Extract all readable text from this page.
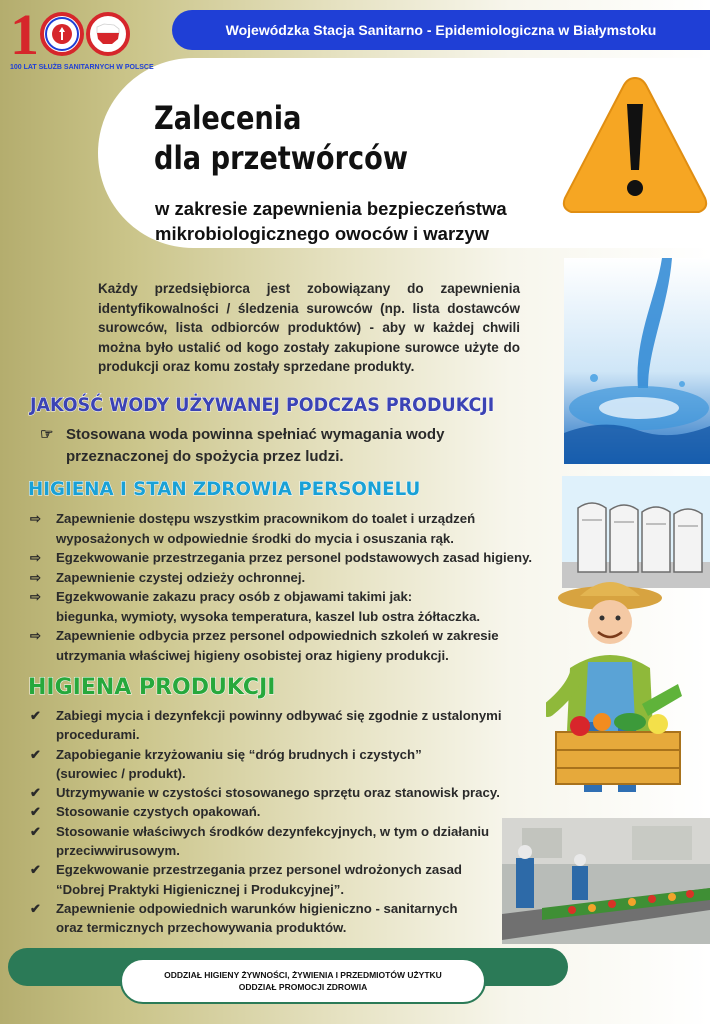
Wojewódzka Stacja Sanitarno - Epidemiologiczna w Białymstoku
1
100 LAT SŁUŻB SANITARNYCH W POLSCE
Zalecenia
dla przetwórców

w zakresie zapewnienia bezpieczeństwa
mikrobiologicznego owoców i warzyw

Każdy przedsiębiorca jest zobowiązany do zapewnienia identyfikowalności / śledzenia surowców (np. lista dostawców surowców, lista odbiorców produktów) - aby w każdej chwili można było ustalić od kogo zostały zakupione surowce użyte do produkcji oraz komu zostały sprzedane produkty.

JAKOŚĆ WODY UŻYWANEJ PODCZAS PRODUKCJI
☞ Stosowana woda powinna spełniać wymagania wody
przeznaczonej do spożycia przez ludzi.
HIGIENA I STAN ZDROWIA PERSONELU
⇨	Zapewnienie dostępu wszystkim pracownikom do toalet i urządzeń
wyposażonych w odpowiednie środki do mycia i osuszania rąk.
⇨	Egzekwowanie przestrzegania przez personel podstawowych zasad higieny.
⇨	Zapewnienie czystej odzieży ochronnej.
⇨	Egzekwowanie zakazu pracy osób z objawami takimi jak:
biegunka, wymioty, wysoka temperatura, kaszel lub ostra żółtaczka.
⇨	Zapewnienie odbycia przez personel odpowiednich szkoleń w zakresie
utrzymania właściwej higieny osobistej oraz higieny produkcji.
HIGIENA PRODUKCJI
✔	Zabiegi mycia i dezynfekcji powinny odbywać się zgodnie z ustalonymi
procedurami.
✔	Zapobieganie krzyżowaniu się “dróg brudnych i czystych”
(surowiec / produkt).
✔	Utrzymywanie w czystości stosowanego sprzętu oraz stanowisk pracy.
✔	Stosowanie czystych opakowań.
✔	Stosowanie właściwych środków dezynfekcyjnych, w tym o działaniu
przeciwwirusowym.
✔	Egzekwowanie przestrzegania przez personel wdrożonych zasad
“Dobrej Praktyki Higienicznej i Produkcyjnej”.
✔	Zapewnienie odpowiednich warunków higieniczno - sanitarnych
oraz termicznych przechowywania produktów.
ODDZIAŁ HIGIENY ŻYWNOŚCI, ŻYWIENIA I PRZEDMIOTÓW UŻYTKU
ODDZIAŁ PROMOCJI ZDROWIA
